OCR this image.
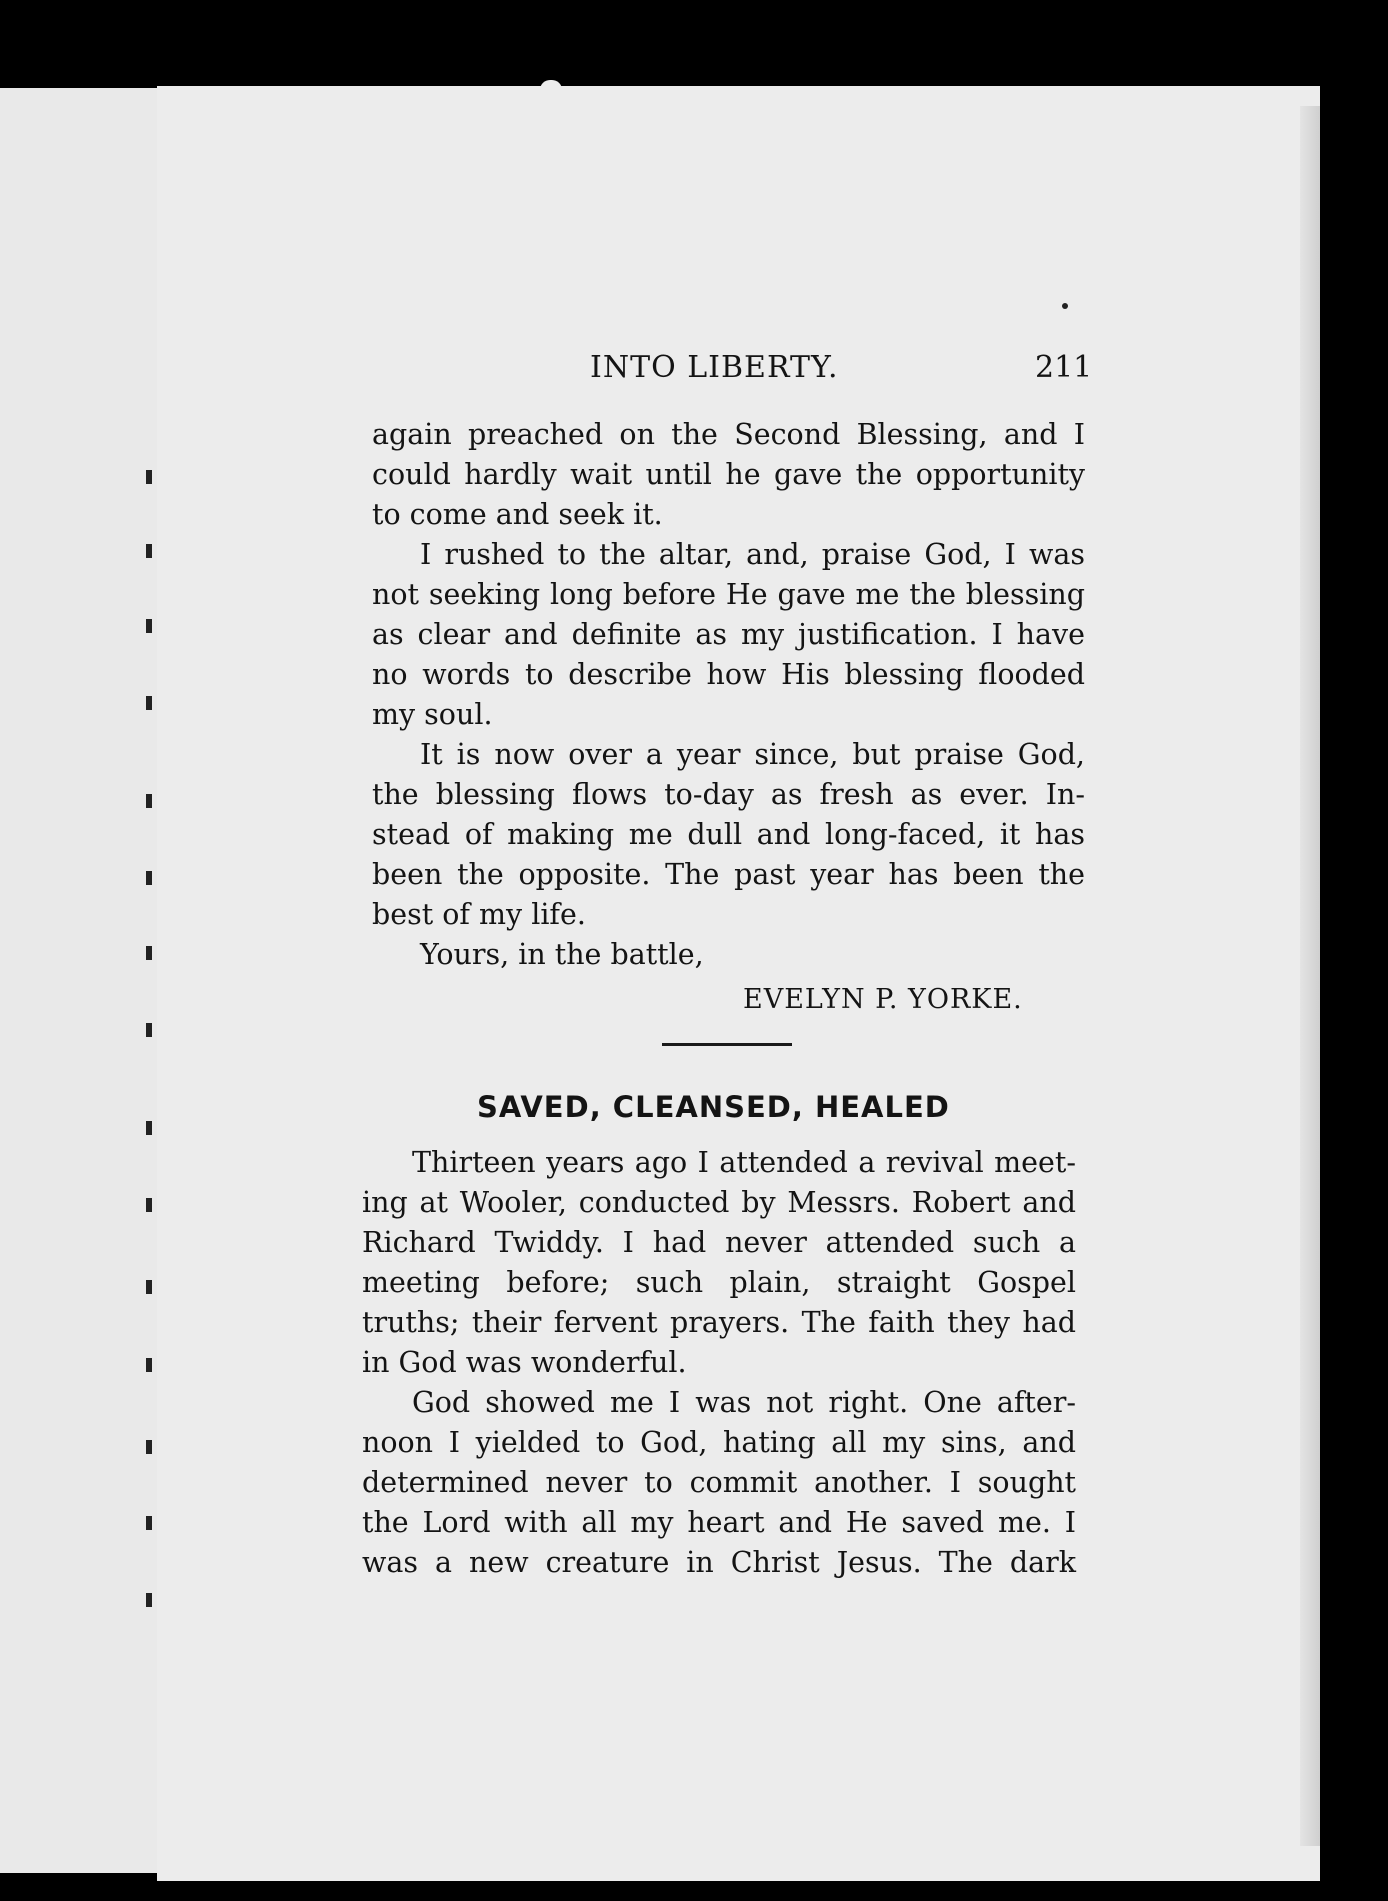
INTO LIBERTY.	211
again preached on the Second Blessing, and I
could hardly wait until he gave the opportunity
to come and seek it.
I rushed to the altar, and, praise God, I was
not seeking long before He gave me the blessing
as clear and definite as my justification. I have
no words to describe how His blessing flooded
my soul.
It is now over a year since, but praise God,
the blessing flows to-day as fresh as ever. In-
stead of making me dull and long-faced, it has
been the opposite. The past year has been the
best of my life.
Yours, in the battle,
EVELYN P. YORKE.
SAVED, CLEANSED, HEALED
Thirteen years ago I attended a revival meet-
ing at Wooler, conducted by Messrs. Robert and
Richard Twiddy. I had never attended such a
meeting before; such plain, straight Gospel
truths; their fervent prayers. The faith they had
in God was wonderful.
God showed me I was not right. One after-
noon I yielded to God, hating all my sins, and
determined never to commit another. I sought
the Lord with all my heart and He saved me. I
was a new creature in Christ Jesus. The dark
